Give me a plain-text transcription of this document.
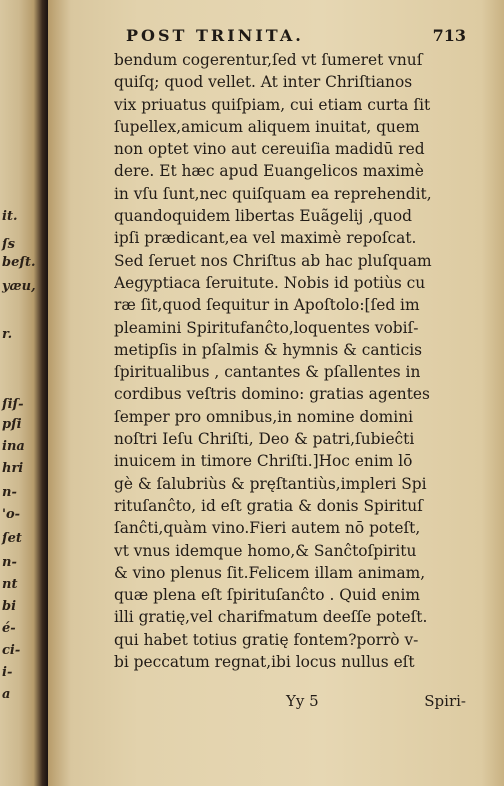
it.
ſs
beſt.
yæu,
r.
ſiſ-
pſi
ina
hri
n-
'o-
ſet
n-
nt
bi
é-
ci-
i-
a
POST TRINITA.	713
bendum cogerentur,ſed vt ſumeret vnuſ
quiſq; quod vellet. At inter Chriſtianos
vix priuatus quiſpiam, cui etiam curta ſit
ſupellex,amicum aliquem inuitat, quem
non optet vino aut cereuiſia madidū red
dere. Et hæc apud Euangelicos maximè
in vſu ſunt,nec quiſquam ea reprehendit,
quandoquidem libertas Euãgelij ,quod
ipſi prædicant,ea vel maximè repoſcat.
Sed ſeruet nos Chriſtus ab hac pluſquam
Aegyptiaca ſeruitute. Nobis id potiùs cu
ræ ſit,quod ſequitur in Apoſtolo:[ſed im
pleamini Spiritufanĉto,loquentes vobiſ-
metipſis in pſalmis & hymnis & canticis
ſpiritualibus , cantantes & pſallentes in
cordibus veſtris domino: gratias agentes
ſemper pro omnibus,in nomine domini
noſtri Ieſu Chriſti, Deo & patri,ſubieĉti
inuicem in timore Chriſti.]Hoc enim lō
gè & ſalubriùs & pręſtantiùs,impleri Spi
rituſanĉto, id eſt gratia & donis Spirituſ
ſanĉti,quàm vino.Fieri autem nō poteſt,
vt vnus idemque homo,& Sanĉtoſpiritu
& vino plenus ſit.Felicem illam animam,
quæ plena eſt ſpirituſanĉto . Quid enim
illi gratię,vel charifmatum deeſſe poteſt.
qui habet totius gratię fontem?porrò v-
bi peccatum regnat,ibi locus nullus eſt
Yy 5	Spiri-
